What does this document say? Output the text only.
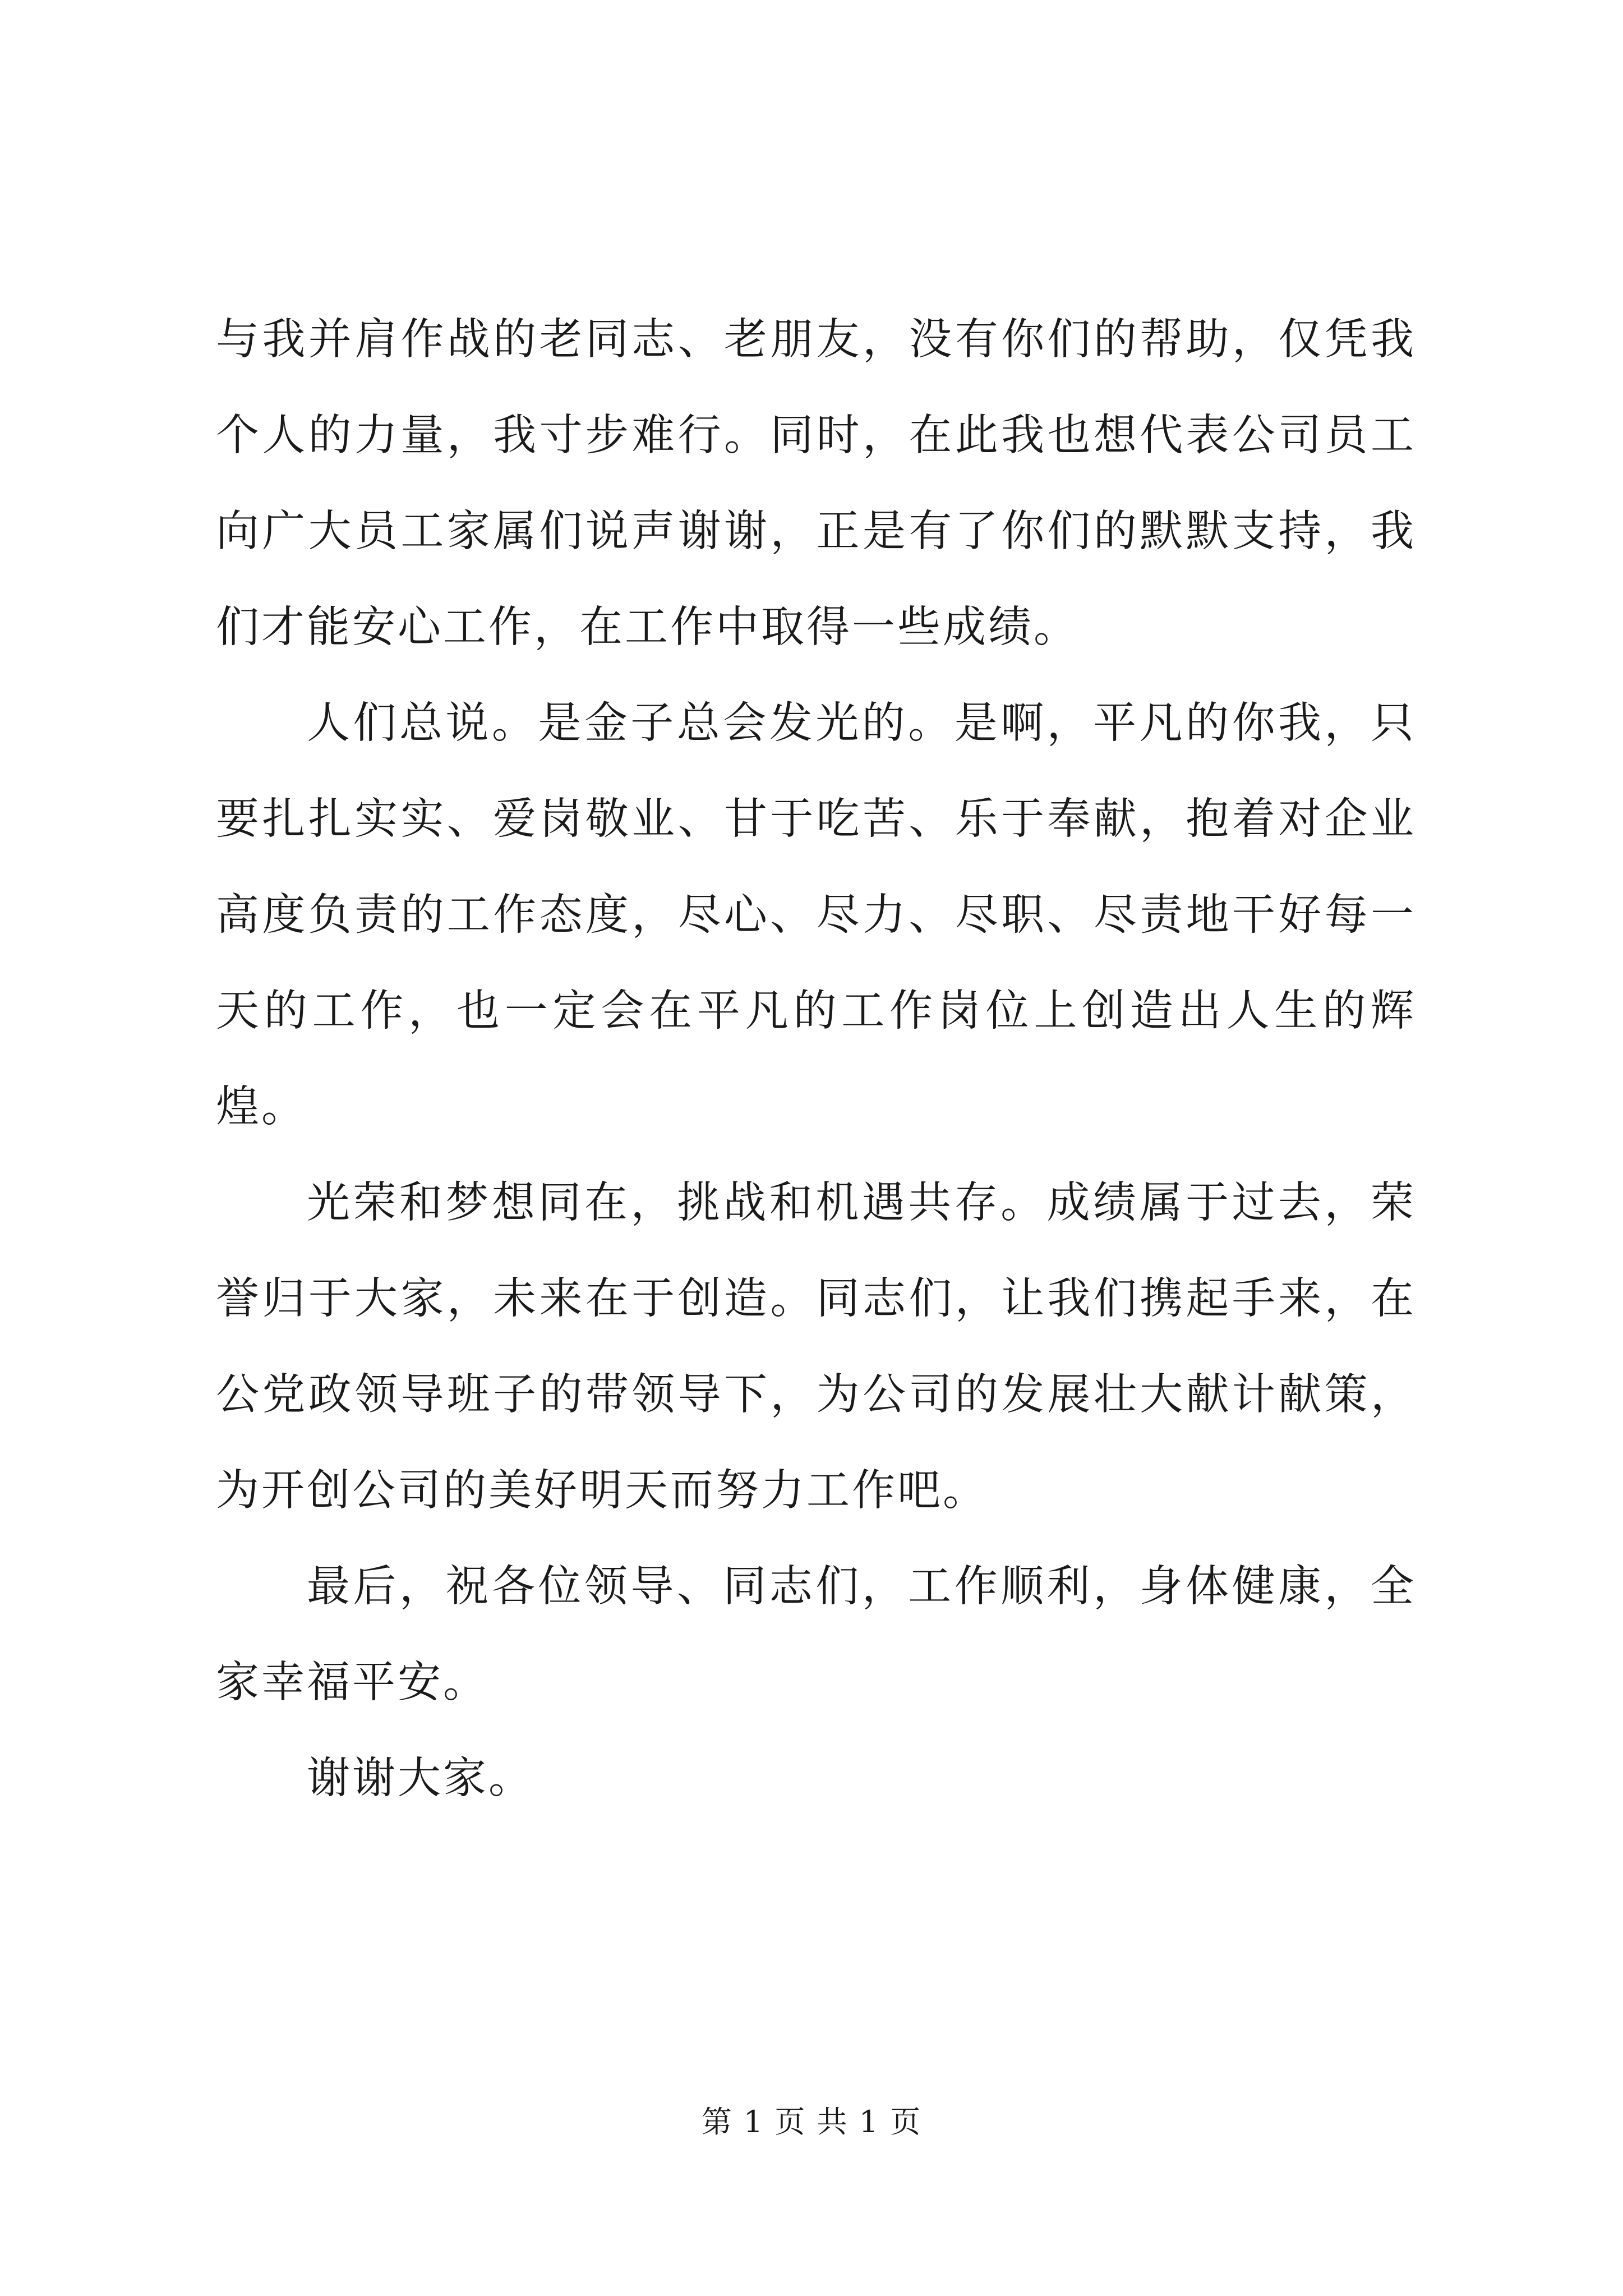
与我并肩作战的老同志、老朋友，没有你们的帮助，仅凭我个人的力量，我寸步难行。同时，在此我也想代表公司员工向广大员工家属们说声谢谢，正是有了你们的默默支持，我们才能安心工作，在工作中取得一些成绩。

人们总说。是金子总会发光的。是啊，平凡的你我，只要扎扎实实、爱岗敬业、甘于吃苦、乐于奉献，抱着对企业高度负责的工作态度，尽心、尽力、尽职、尽责地干好每一天的工作，也一定会在平凡的工作岗位上创造出人生的辉煌。

光荣和梦想同在，挑战和机遇共存。成绩属于过去，荣誉归于大家，未来在于创造。同志们，让我们携起手来，在公党政领导班子的带领导下，为公司的发展壮大献计献策，为开创公司的美好明天而努力工作吧。

最后，祝各位领导、同志们，工作顺利，身体健康，全家幸福平安。

谢谢大家。

第 1 页 共 1 页
